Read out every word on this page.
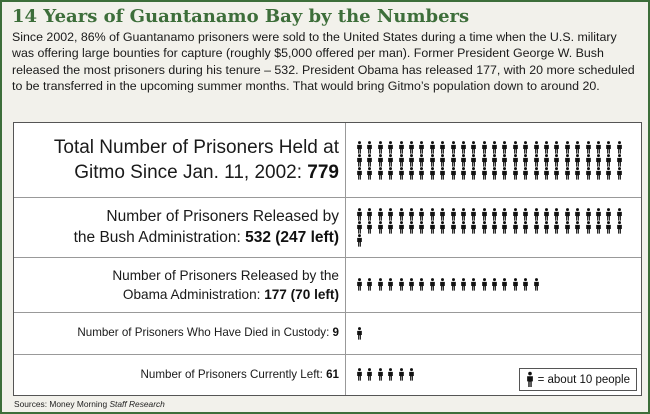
14 Years of Guantanamo Bay by the Numbers
Since 2002, 86% of Guantanamo prisoners were sold to the United States during a time when the U.S. military was offering large bounties for capture (roughly $5,000 offered per man). Former President George W. Bush released the most prisoners during his tenure – 532. President Obama has released 177, with 20 more scheduled to be transferred in the upcoming summer months. That would bring Gitmo’s population down to around 20.
Total Number of Prisoners Held at
Gitmo Since Jan. 11, 2002: 779
Number of Prisoners Released by
the Bush Administration: 532 (247 left)
Number of Prisoners Released by the
Obama Administration: 177 (70 left)
Number of Prisoners Who Have Died in Custody: 9
Number of Prisoners Currently Left: 61	= about 10 people
Sources: Money Morning Staff Research
